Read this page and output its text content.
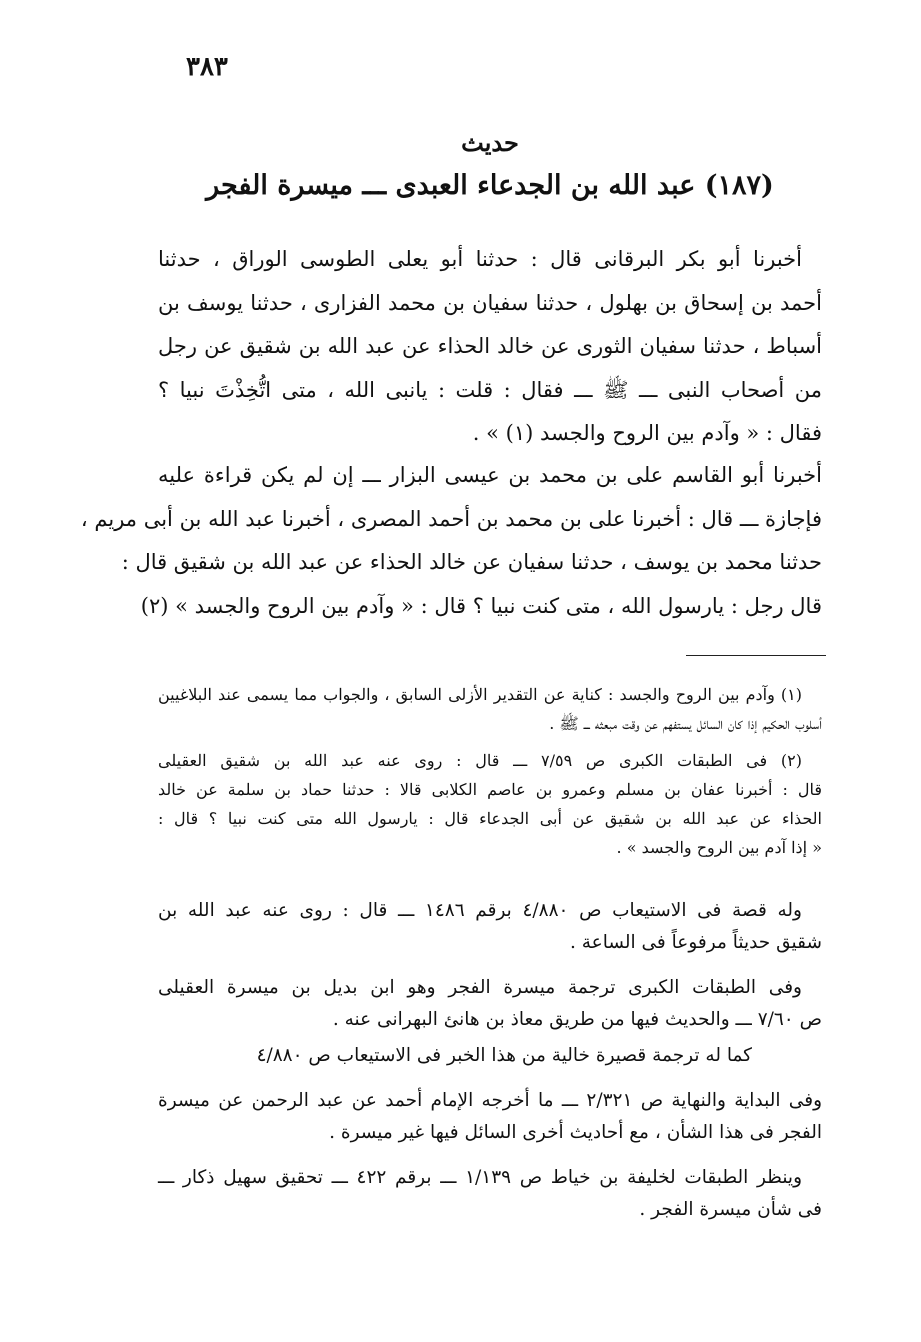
٣٨٣
حديث
(١٨٧) عبد الله بن الجدعاء العبدى ـــ ميسرة الفجر
أخبرنا أبو بكر البرقانى قال : حدثنا أبو يعلى الطوسى الوراق ، حدثنا
أحمد بن إسحاق بن بهلول ، حدثنا سفيان بن محمد الفزارى ، حدثنا يوسف بن
أسباط ، حدثنا سفيان الثورى عن خالد الحذاء عن عبد الله بن شقيق عن رجل
من أصحاب النبى ـــ ﷺ ـــ فقال : قلت : يانبى الله ، متى اتُّخِذْتَ نبيا ؟
فقال : « وآدم بين الروح والجسد (١) » .
أخبرنا أبو القاسم على بن محمد بن عيسى البزار ـــ إن لم يكن قراءة عليه
فإجازة ـــ قال : أخبرنا على بن محمد بن أحمد المصرى ، أخبرنا عبد الله بن أبى مريم ،
حدثنا محمد بن يوسف ، حدثنا سفيان عن خالد الحذاء عن عبد الله بن شقيق قال :
قال رجل : يارسول الله ، متى كنت نبيا ؟ قال : « وآدم بين الروح والجسد » (٢)
(١) وآدم بين الروح والجسد : كناية عن التقدير الأزلى السابق ، والجواب مما يسمى عند البلاغيين
أسلوب الحكيم إذا كان السائل يستفهم عن وقت مبعثه ـــ ﷺ .
(٢) فى الطبقات الكبرى ص ٧/٥٩ ـــ قال : روى عنه عبد الله بن شقيق العقيلى
قال : أخبرنا عفان بن مسلم وعمرو بن عاصم الكلابى قالا : حدثنا حماد بن سلمة عن خالد
الحذاء عن عبد الله بن شقيق عن أبى الجدعاء قال : يارسول الله متى كنت نبيا ؟ قال :
« إذا آدم بين الروح والجسد » .
وله قصة فى الاستيعاب ص ٤/٨٨٠ برقم ١٤٨٦ ـــ قال : روى عنه عبد الله بن
شقيق حديثاً مرفوعاً فى الساعة .
وفى الطبقات الكبرى ترجمة ميسرة الفجر وهو ابن بديل بن ميسرة العقيلى
ص ٧/٦٠ ـــ والحديث فيها من طريق معاذ بن هانئ البهرانى عنه .
كما له ترجمة قصيرة خالية من هذا الخبر فى الاستيعاب ص ٤/٨٨٠
وفى البداية والنهاية ص ٢/٣٢١ ـــ ما أخرجه الإمام أحمد عن عبد الرحمن عن ميسرة
الفجر فى هذا الشأن ، مع أحاديث أخرى السائل فيها غير ميسرة .
وينظر الطبقات لخليفة بن خياط ص ١/١٣٩ ـــ برقم ٤٢٢ ـــ تحقيق سهيل ذكار ـــ
فى شأن ميسرة الفجر .
